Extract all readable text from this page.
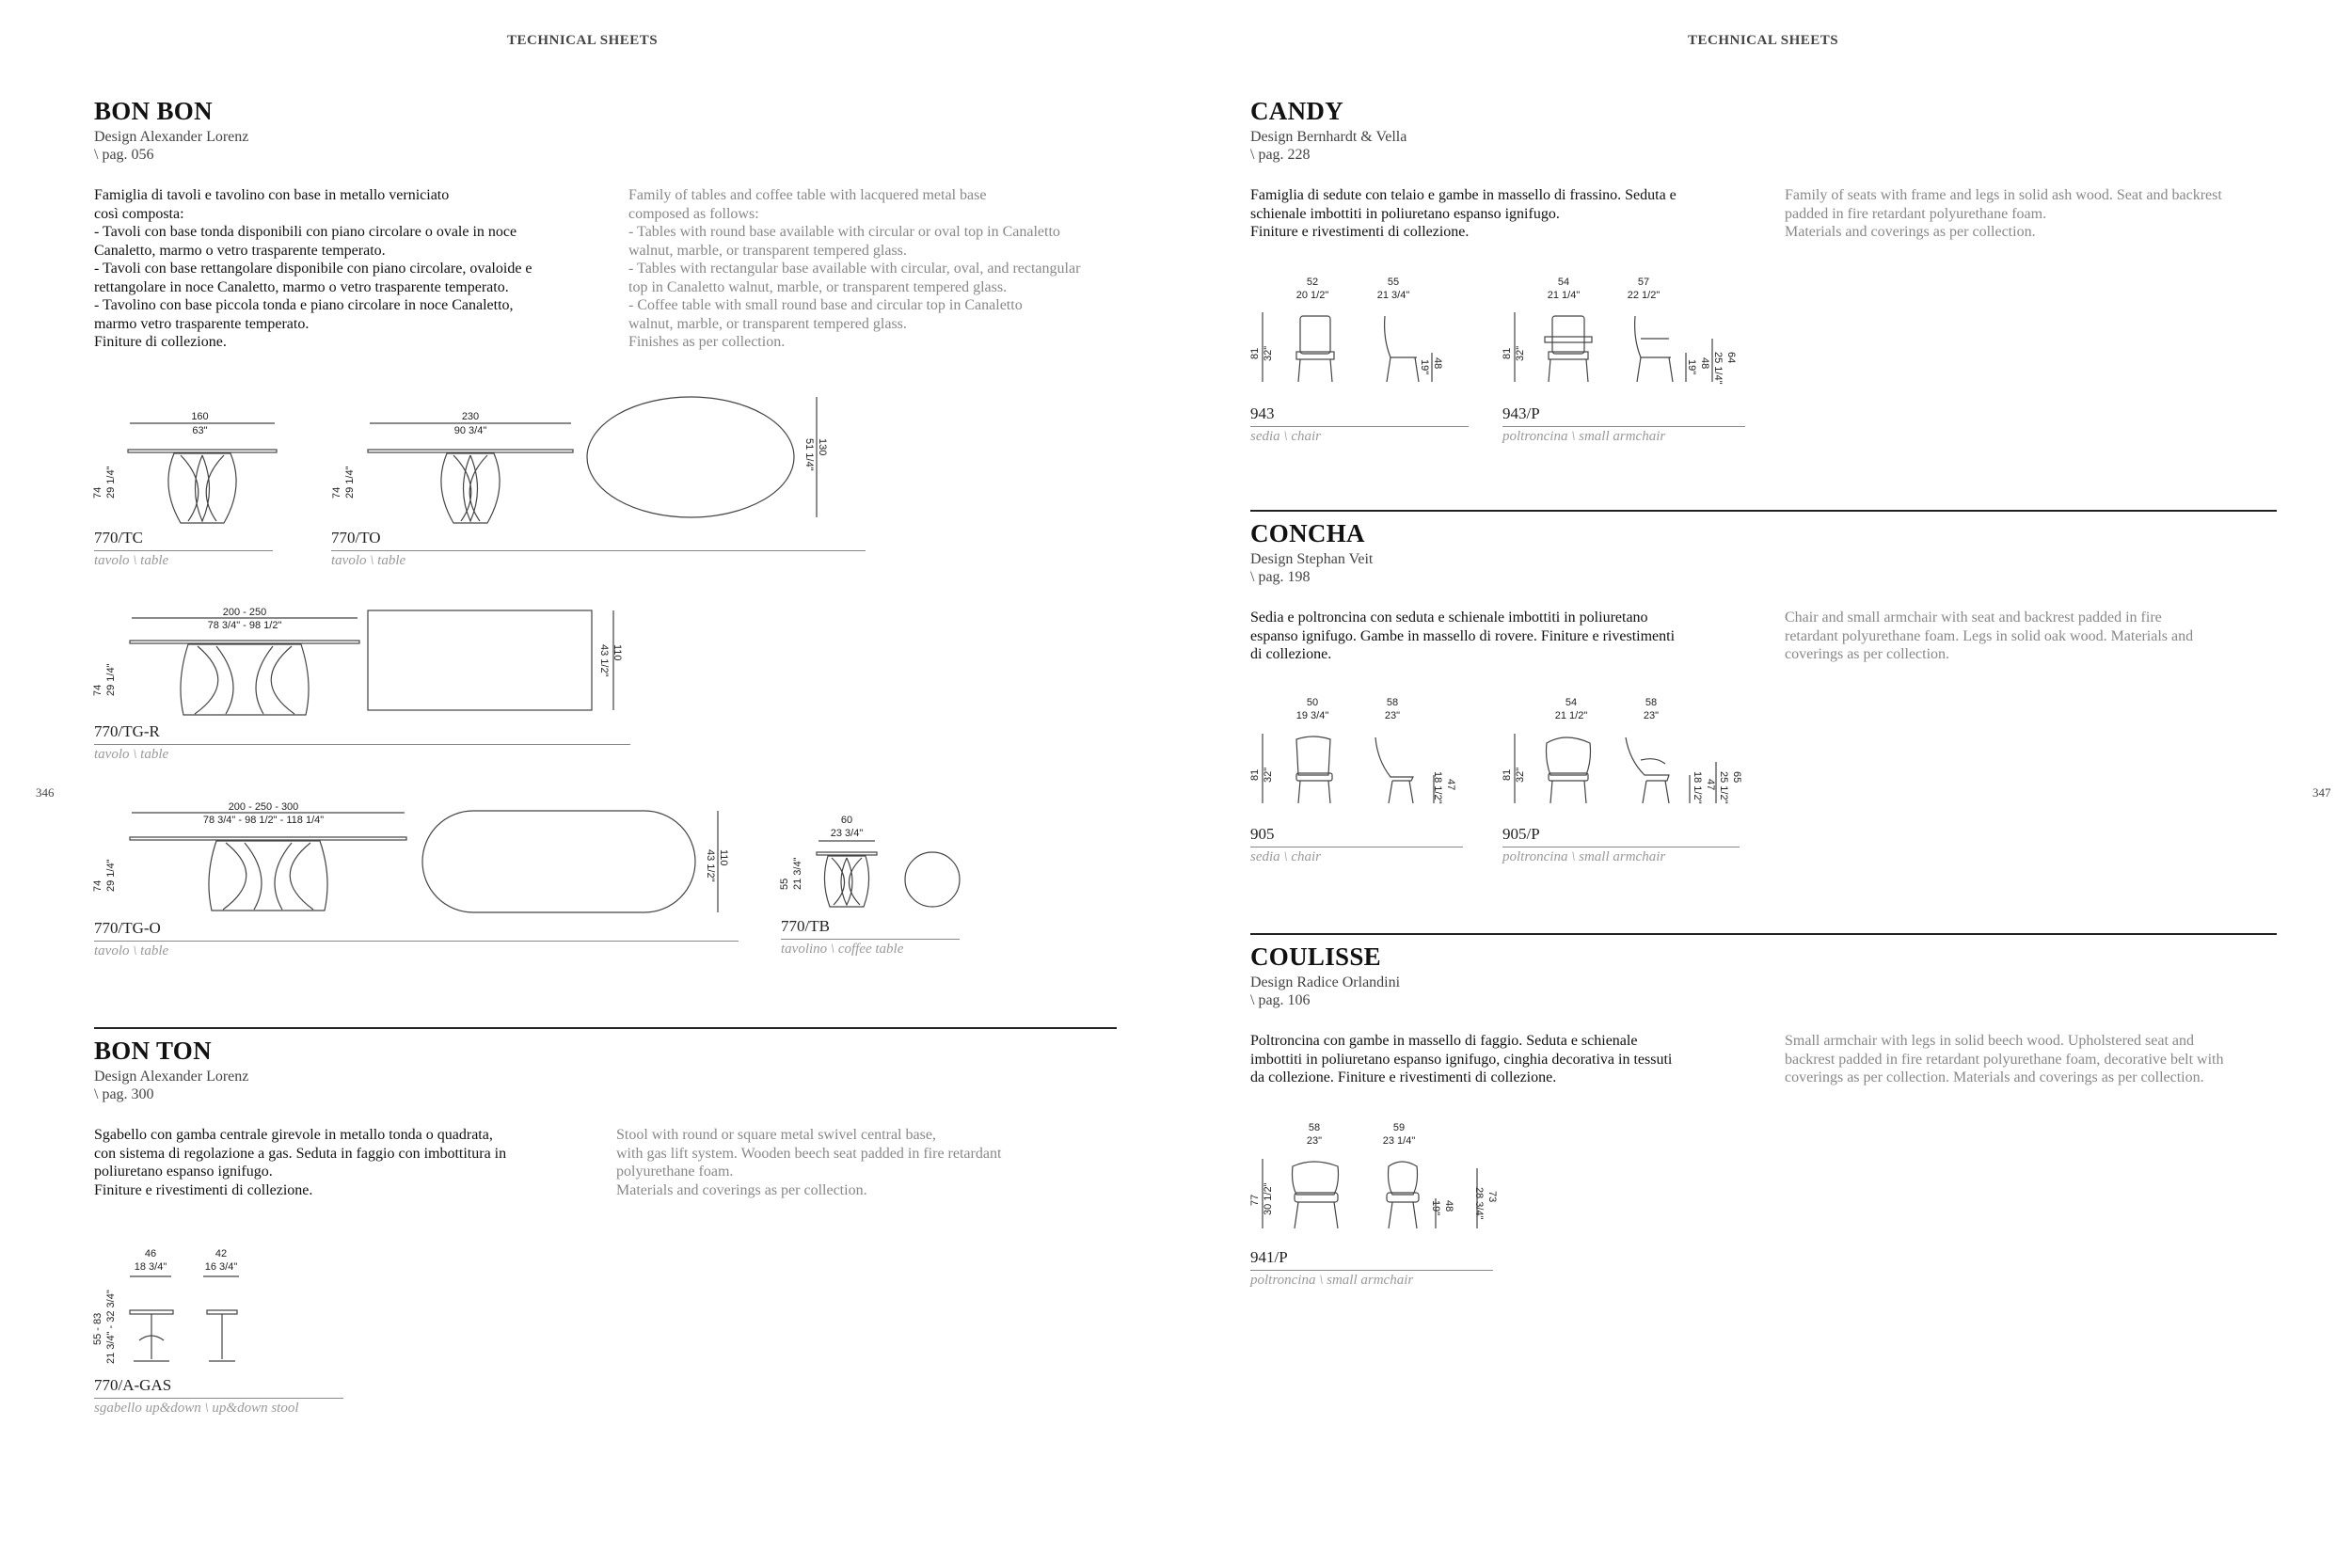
TECHNICAL SHEETS	TECHNICAL SHEETS
346	347
BON BON
Design Alexander Lorenz
\ pag. 056
Famiglia di tavoli e tavolino con base in metallo verniciato
così composta:
- Tavoli con base tonda disponibili con piano circolare o ovale in noce
Canaletto, marmo o vetro trasparente temperato.
- Tavoli con base rettangolare disponibile con piano circolare, ovaloide e
rettangolare in noce Canaletto, marmo o vetro trasparente temperato.
- Tavolino con base piccola tonda e piano circolare in noce Canaletto,
marmo vetro trasparente temperato.
Finiture di collezione.
Family of tables and coffee table with lacquered metal base
composed as follows:
- Tables with round base available with circular or oval top in Canaletto
walnut, marble, or transparent tempered glass.
- Tables with rectangular base available with circular, oval, and rectangular
top in Canaletto walnut, marble, or transparent tempered glass.
- Coffee table with small round base and circular top in Canaletto
walnut, marble, or transparent tempered glass.
Finishes as per collection.
160
63"
74 29 1/4"
770/TC
tavolo \ table
230
90 3/4"
74 29 1/4"
130
51 1/4"
770/TO
tavolo \ table
200 - 250
78 3/4" - 98 1/2"
74 29 1/4"
110
43 1/2"
770/TG-R
tavolo \ table
200 - 250 - 300
78 3/4" - 98 1/2" - 118 1/4"
74 29 1/4"
110
43 1/2"
770/TG-O
tavolo \ table
60
23 3/4"
55 21 3/4"
770/TB
tavolino \ coffee table
BON TON
Design Alexander Lorenz
\ pag. 300
Sgabello con gamba centrale girevole in metallo tonda o quadrata,
con sistema di regolazione a gas. Seduta in faggio con imbottitura in
poliuretano espanso ignifugo.
Finiture e rivestimenti di collezione.
Stool with round or square metal swivel central base,
with gas lift system. Wooden beech seat padded in fire retardant
polyurethane foam.
Materials and coverings as per collection.
46
18 3/4"
42
16 3/4"
55 - 83 21 3/4" - 32 3/4"
770/A-GAS
sgabello up&down \ up&down stool
CANDY
Design Bernhardt & Vella
\ pag. 228
Famiglia di sedute con telaio e gambe in massello di frassino. Seduta e
schienale imbottiti in poliuretano espanso ignifugo.
Finiture e rivestimenti di collezione.
Family of seats with frame and legs in solid ash wood. Seat and backrest
padded in fire retardant polyurethane foam.
Materials and coverings as per collection.
52
20 1/2"
55
21 3/4"
81 32"
48
19"
943
sedia \ chair
54
21 1/4"
57
22 1/2"
81 32"
48
19"
64
25 1/4"
943/P
poltroncina \ small armchair
CONCHA
Design Stephan Veit
\ pag. 198
Sedia e poltroncina con seduta e schienale imbottiti in poliuretano
espanso ignifugo. Gambe in massello di rovere. Finiture e rivestimenti
di collezione.
Chair and small armchair with seat and backrest padded in fire
retardant polyurethane foam. Legs in solid oak wood. Materials and
coverings as per collection.
50
19 3/4"
58
23"
81 32"
47
18 1/2"
905
sedia \ chair
54
21 1/2"
58
23"
81 32"
47
18 1/2"	65
25 1/2"
905/P
poltroncina \ small armchair
COULISSE
Design Radice Orlandini
\ pag. 106
Poltroncina con gambe in massello di faggio. Seduta e schienale
imbottiti in poliuretano espanso ignifugo, cinghia decorativa in tessuti
da collezione. Finiture e rivestimenti di collezione.
Small armchair with legs in solid beech wood. Upholstered seat and
backrest padded in fire retardant polyurethane foam, decorative belt with
coverings as per collection. Materials and coverings as per collection.
58
23"
59
23 1/4"
77 30 1/2"	48
19"
73
28 3/4"
941/P
poltroncina \ small armchair
